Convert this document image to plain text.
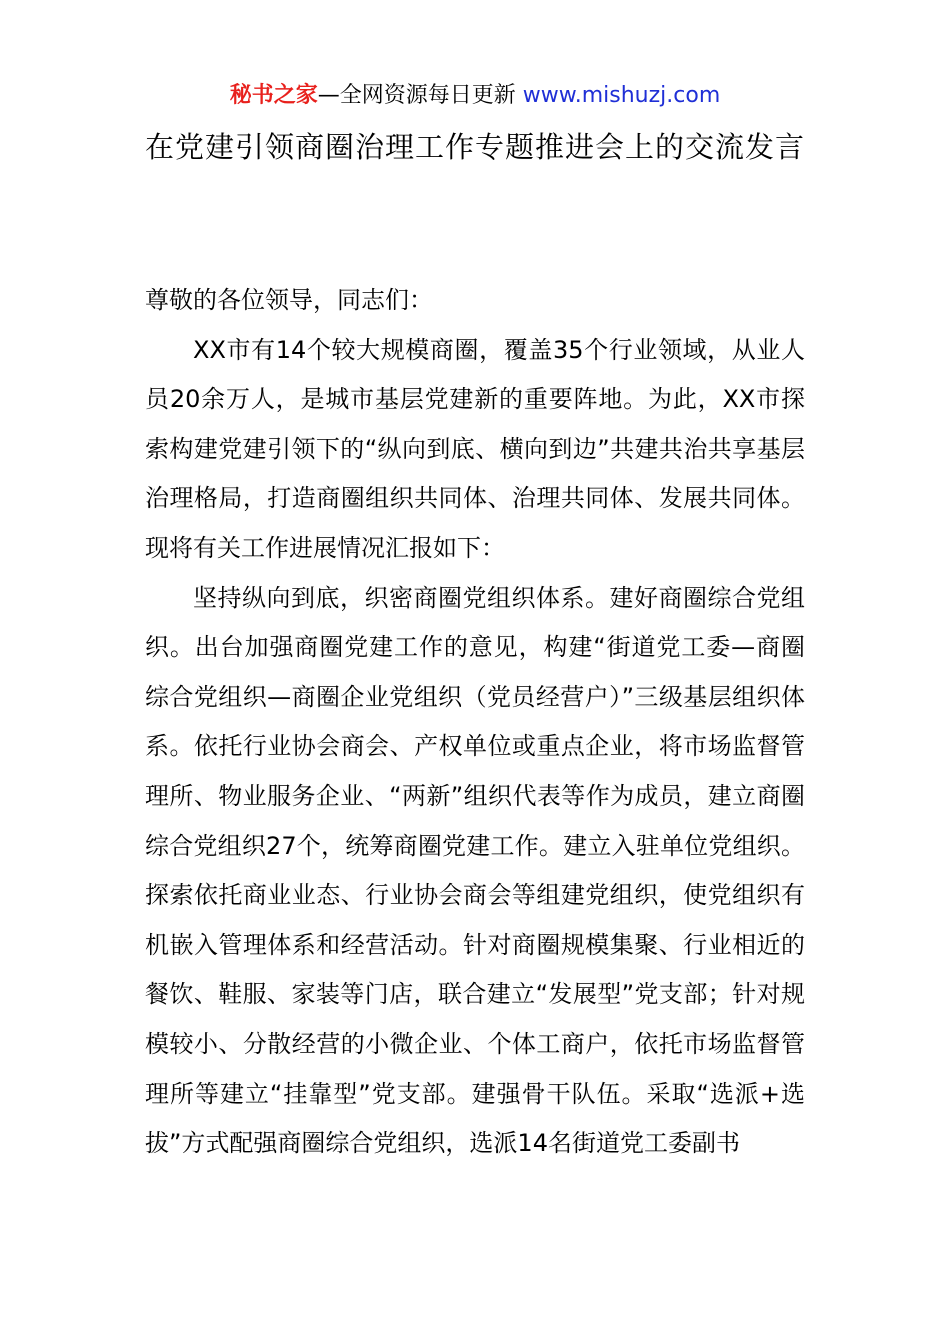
秘书之家—全网资源每日更新 www.mishuzj.com
在党建引领商圈治理工作专题推进会上的交流发言

尊敬的各位领导，同志们：

XX市有14个较大规模商圈，覆盖35个行业领域，从业人员20余万人，是城市基层党建新的重要阵地。为此，XX市探索构建党建引领下的“纵向到底、横向到边”共建共治共享基层治理格局，打造商圈组织共同体、治理共同体、发展共同体。现将有关工作进展情况汇报如下：

坚持纵向到底，织密商圈党组织体系。建好商圈综合党组织。出台加强商圈党建工作的意见，构建“街道党工委—商圈综合党组织—商圈企业党组织（党员经营户）”三级基层组织体系。依托行业协会商会、产权单位或重点企业，将市场监督管理所、物业服务企业、“两新”组织代表等作为成员，建立商圈综合党组织27个，统筹商圈党建工作。建立入驻单位党组织。探索依托商业业态、行业协会商会等组建党组织，使党组织有机嵌入管理体系和经营活动。针对商圈规模集聚、行业相近的餐饮、鞋服、家装等门店，联合建立“发展型”党支部；针对规模较小、分散经营的小微企业、个体工商户，依托市场监督管理所等建立“挂靠型”党支部。建强骨干队伍。采取“选派+选拔”方式配强商圈综合党组织，选派14名街道党工委副书
